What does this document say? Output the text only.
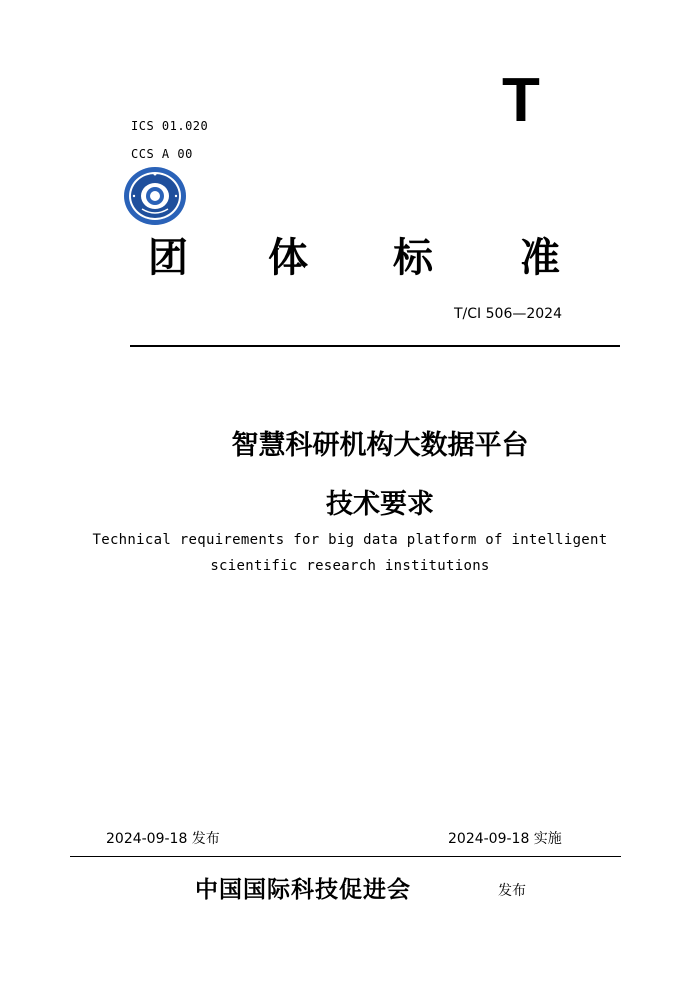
T
ICS 01.020
CCS A 00
团 体 标 准
T/CI 506—2024
智慧科研机构大数据平台
技术要求
Technical requirements for big data platform of intelligent
scientific research institutions
2024-09-18 发布	2024-09-18 实施
中国国际科技促进会	发布
